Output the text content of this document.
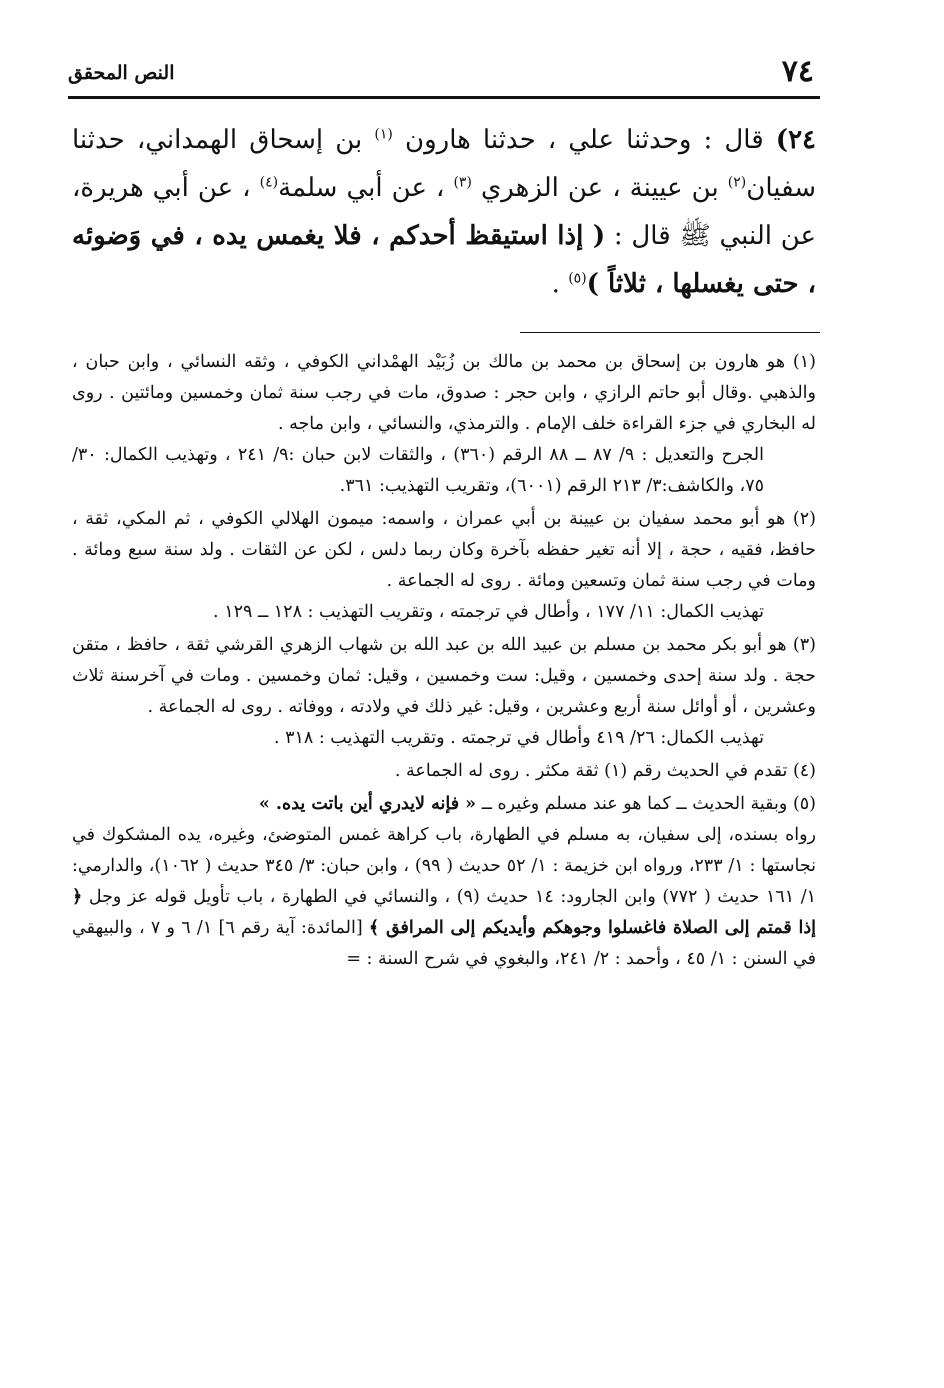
٧٤
النص المحقق
٢٤) قال : وحدثنا علي ، حدثنا هارون $^{(١)}$ بن إسحاق الهمداني، حدثنا سفيان$^{(٢)}$ بن عيينة ، عن الزهري $^{(٣)}$ ، عن أبي سلمة$^{(٤)}$ ، عن أبي هريرة، عن النبي ﷺ قال : ( إذا استيقظ أحدكم ، فلا يغمس يده ، في وَضوئه ، حتى يغسلها ، ثلاثاً )$^{(٥)}$ .
(١) هو هارون بن إسحاق بن محمد بن مالك بن زُبَيْد الهمْداني الكوفي ، وثقه النسائي ، وابن حبان ، والذهبي .وقال أبو حاتم الرازي ، وابن حجر : صدوق، مات في رجب سنة ثمان وخمسين ومائتين . روى له البخاري في جزء القراءة خلف الإمام . والترمذي، والنسائي ، وابن ماجه .
الجرح والتعديل : ٩/ ٨٧ ــ ٨٨ الرقم (٣٦٠) ، والثقات لابن حبان :٩/ ٢٤١ ، وتهذيب الكمال: ٣٠/ ٧٥، والكاشف:٣/ ٢١٣ الرقم (٦٠٠١)، وتقريب التهذيب: ٣٦١.
(٢) هو أبو محمد سفيان بن عيينة بن أبي عمران ، واسمه: ميمون الهلالي الكوفي ، ثم المكي، ثقة ، حافظ، فقيه ، حجة ، إلا أنه تغير حفظه بآخرة وكان ربما دلس ، لكن عن الثقات . ولد سنة سبع ومائة . ومات في رجب سنة ثمان وتسعين ومائة . روى له الجماعة .
تهذيب الكمال: ١١/ ١٧٧ ، وأطال في ترجمته ، وتقريب التهذيب : ١٢٨ ــ ١٢٩ .
(٣) هو أبو بكر محمد بن مسلم بن عبيد الله بن عبد الله بن شهاب الزهري القرشي ثقة ، حافظ ، متقن حجة . ولد سنة إحدى وخمسين ، وقيل: ست وخمسين ، وقيل: ثمان وخمسين . ومات في آخرسنة ثلاث وعشرين ، أو أوائل سنة أربع وعشرين ، وقيل: غير ذلك في ولادته ، ووفاته . روى له الجماعة .
تهذيب الكمال: ٢٦/ ٤١٩ وأطال في ترجمته . وتقريب التهذيب : ٣١٨ .
(٤) تقدم في الحديث رقم (١) ثقة مكثر . روى له الجماعة .
(٥) وبقية الحديث ــ كما هو عند مسلم وغيره ــ « فإنه لايدري أين باتت يده. »
رواه بسنده، إلى سفيان، به مسلم في الطهارة، باب كراهة غمس المتوضئ، وغيره، يده المشكوك في نجاستها : ١/ ٢٣٣، ورواه ابن خزيمة : ١/ ٥٢ حديث ( ٩٩) ، وابن حبان: ٣/ ٣٤٥ حديث ( ١٠٦٢)، والدارمي: ١/ ١٦١ حديث ( ٧٧٢) وابن الجارود: ١٤ حديث (٩) ، والنسائي في الطهارة ، باب تأويل قوله عز وجل ﴿ إذا قمتم إلى الصلاة فاغسلوا وجوهكم وأيديكم إلى المرافق ﴾ [المائدة: آية رقم ٦] ١/ ٦ و ٧ ، والبيهقي في السنن : ١/ ٤٥ ، وأحمد : ٢/ ٢٤١، والبغوي في شرح السنة : =
